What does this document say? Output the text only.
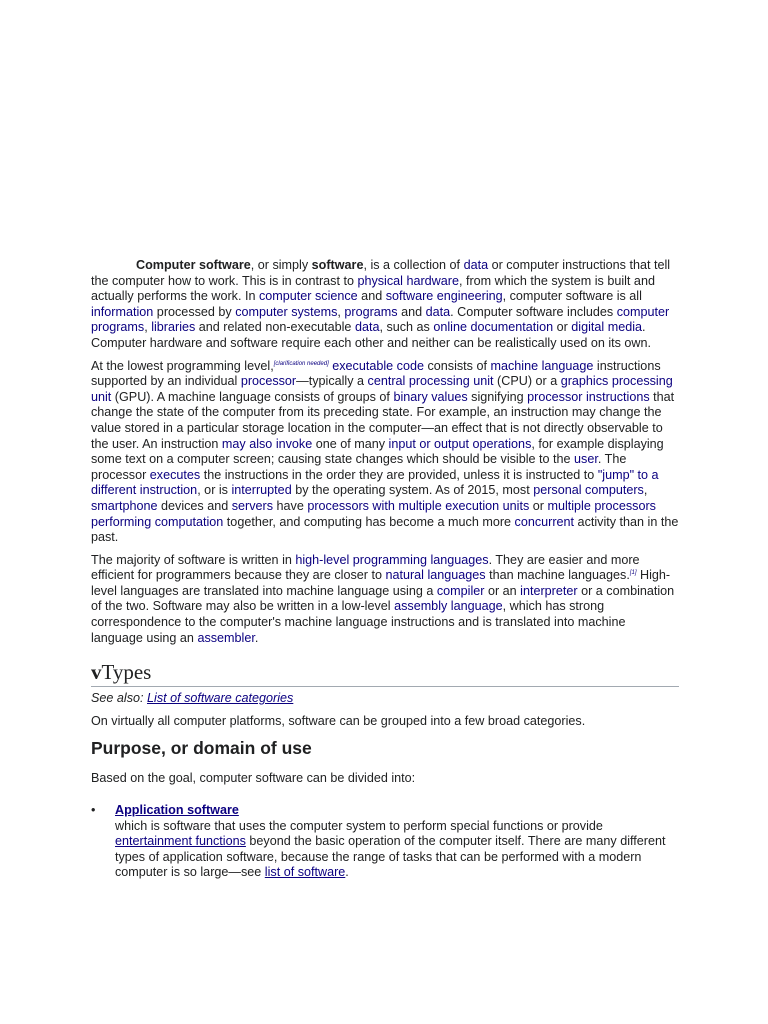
Computer software, or simply software, is a collection of data or computer instructions that tell the computer how to work. This is in contrast to physical hardware, from which the system is built and actually performs the work. In computer science and software engineering, computer software is all information processed by computer systems, programs and data. Computer software includes computer programs, libraries and related non-executable data, such as online documentation or digital media. Computer hardware and software require each other and neither can be realistically used on its own.

At the lowest programming level,[clarification needed] executable code consists of machine language instructions supported by an individual processor—typically a central processing unit (CPU) or a graphics processing unit (GPU). A machine language consists of groups of binary values signifying processor instructions that change the state of the computer from its preceding state. For example, an instruction may change the value stored in a particular storage location in the computer—an effect that is not directly observable to the user. An instruction may also invoke one of many input or output operations, for example displaying some text on a computer screen; causing state changes which should be visible to the user. The processor executes the instructions in the order they are provided, unless it is instructed to "jump" to a different instruction, or is interrupted by the operating system. As of 2015, most personal computers, smartphone devices and servers have processors with multiple execution units or multiple processors performing computation together, and computing has become a much more concurrent activity than in the past.

The majority of software is written in high-level programming languages. They are easier and more efficient for programmers because they are closer to natural languages than machine languages.[1] High-level languages are translated into machine language using a compiler or an interpreter or a combination of the two. Software may also be written in a low-level assembly language, which has strong correspondence to the computer's machine language instructions and is translated into machine language using an assembler.

vTypes
See also: List of software categories

On virtually all computer platforms, software can be grouped into a few broad categories.

Purpose, or domain of use

Based on the goal, computer software can be divided into:

• Application software
which is software that uses the computer system to perform special functions or provide entertainment functions beyond the basic operation of the computer itself. There are many different types of application software, because the range of tasks that can be performed with a modern computer is so large—see list of software.
